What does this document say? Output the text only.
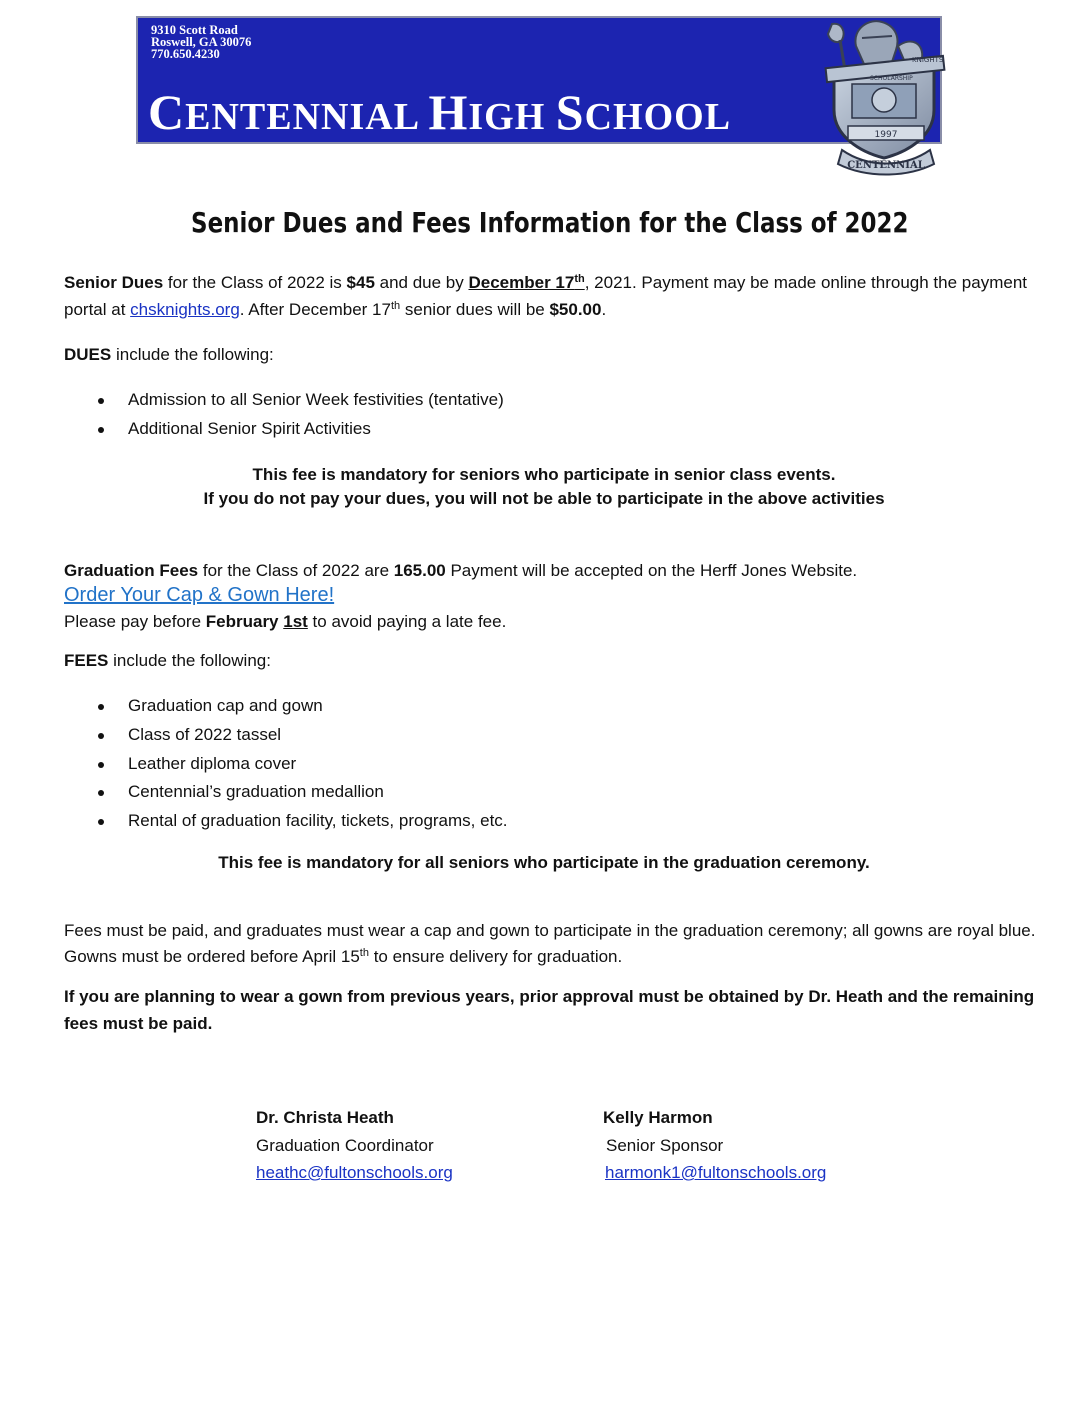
9310 Scott Road
Roswell, GA 30076
770.650.4230
CENTENNIAL HIGH SCHOOL	1997
KNIGHTS
SCHOLARSHIP
CENTENNIAL
Senior Dues and Fees Information for the Class of 2022
Senior Dues for the Class of 2022 is $45 and due by December 17th, 2021. Payment may be made online through the payment portal at chsknights.org. After December 17th senior dues will be $50.00.
DUES include the following:
Admission to all Senior Week festivities (tentative)
Additional Senior Spirit Activities
This fee is mandatory for seniors who participate in senior class events.
If you do not pay your dues, you will not be able to participate in the above activities
Graduation Fees for the Class of 2022 are 165.00 Payment will be accepted on the Herff Jones Website.
Order Your Cap & Gown Here!
Please pay before February 1st to avoid paying a late fee.
FEES include the following:
Graduation cap and gown
Class of 2022 tassel
Leather diploma cover
Centennial’s graduation medallion
Rental of graduation facility, tickets, programs, etc.
This fee is mandatory for all seniors who participate in the graduation ceremony.
Fees must be paid, and graduates must wear a cap and gown to participate in the graduation ceremony; all gowns are royal blue. Gowns must be ordered before April 15th to ensure delivery for graduation.
If you are planning to wear a gown from previous years, prior approval must be obtained by Dr. Heath and the remaining fees must be paid.
Dr. Christa Heath
Graduation Coordinator
heathc@fultonschools.org
Kelly Harmon
Senior Sponsor
harmonk1@fultonschools.org
